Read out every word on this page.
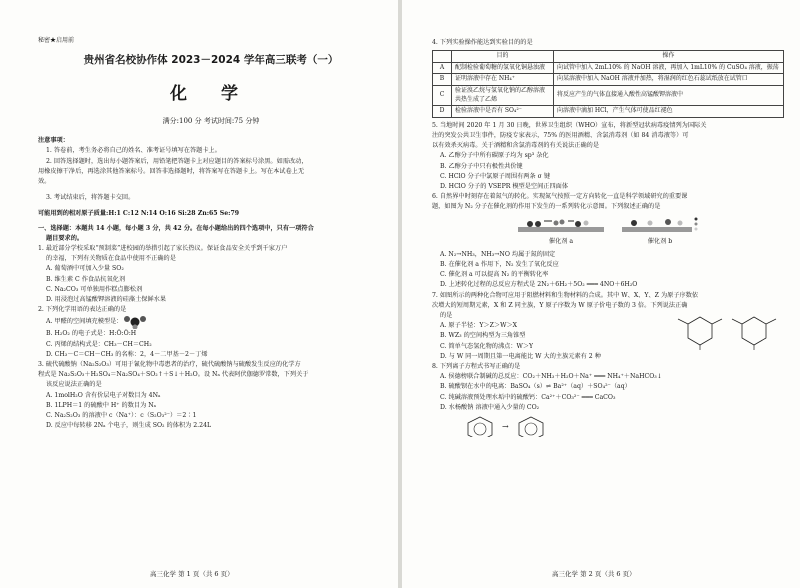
秘密★启用前
贵州省名校协作体 2023－2024 学年高三联考（一）
化 学
满分:100 分 考试时间:75 分钟
注意事项：
1. 答卷前，考生务必将自己的姓名、准考证号填写在答题卡上。
2. 回答选择题时，选出每小题答案后，用铅笔把答题卡上对应题目的答案标号涂黑。如需改动，
用橡皮擦干净后，再选涂其他答案标号。回答非选择题时，将答案写在答题卡上。写在本试卷上无
效。
3. 考试结束后，将答题卡交回。
可能用到的相对原子质量:H:1 C:12 N:14 O:16 Si:28 Zn:65 Se:79
一、选择题：本题共 14 小题，每小题 3 分，共 42 分。在每小题给出的四个选项中，只有一项符合
题目要求的。
1. 最近部分学校采取“预制菜”进校园的举措引起了家长热议。保证食品安全关乎到千家万户
的幸福，下列有关物质在食品中使用不正确的是
A. 葡萄酒中可加入少量 SO₂
B. 维生素 C 作食品抗氧化剂
C. Na₂CO₃ 可单独用作糕点膨松剂
D. 用浸泡过高锰酸钾溶液的硅藻土保鲜水果
2. 下列化学用语的表达正确的是
A. 甲醛的空间填充模型是：
B. H₂O₂ 的电子式是：H:Ö:Ö:H
C. 丙烯的结构式是：CH₃－CH＝CH₂
D. CH₃－C＝CH－CH₃ 的名称：2，4－二甲基－2－丁烯
3. 硫代硫酸钠（Na₂S₂O₃）可用于氰化物中毒患者的治疗，硫代硫酸钠与硫酸发生反应的化学方
程式是 Na₂S₂O₃＋H₂SO₄＝Na₂SO₄＋SO₂↑＋S↓＋H₂O。设 Nₐ 代表阿伏伽德罗常数，下列关于
该反应说法正确的是
A. 1molH₂O 含有价层电子对数目为 4Nₐ
B. 1LPH＝1 的硫酸中 H⁺ 的数目为 Nₐ
C. Na₂S₂O₃ 的溶液中 c（Na⁺）：c（S₂O₃²⁻）＝2∶1
D. 反应中每转移 2Nₐ 个电子，则生成 SO₂ 的体积为 2.24L
高三化学 第 1 页（共 6 页）
4. 下列实验操作能达到实验目的的是
	目的	操作
A	配制检验葡萄糖的氢氧化铜悬浊液	向试管中加入 2mL10% 的 NaOH 溶液，再加入 1mL10% 的 CuSO₄ 溶液，振荡
B	证明溶液中存在 NH₄⁺	向某溶液中加入 NaOH 溶液并加热，将湿润的红色石蕊试纸放在试管口
C	验证溴乙烷与氢氧化钠的乙醇溶液共热生成了乙烯	将反应产生的气体直接通入酸性高锰酸钾溶液中
D	检验溶液中是否有 SO₄²⁻	向溶液中滴加 HCl，产生气体可使品红褪色
5. 当地时间 2020 年 1 月 30 日晚，世界卫生组织（WHO）宣布，将新型冠状病毒疫情列为国际关
注的突发公共卫生事件，防疫专家表示，75% 的医用酒精、含氯消毒剂（如 84 消毒液等）可
以有效杀灭病毒。关于酒精和含氯消毒剂的有关说法正确的是
A. 乙醇分子中所有碳原子均为 sp³ 杂化
B. 乙醇分子中只有极性共价键
C. HClO 分子中氯原子周围有两条 σ 键
D. HClO 分子的 VSEPR 模型是空间正四面体
6. 自然界中时刻存在着氮气的转化。实现氮气按照一定方向转化一直是科学领域研究的重要课
题，如图为 N₂ 分子在催化剂的作用下发生的一系列转化示意图。下列叙述正确的是
催化剂 a	催化剂 b
A. N₂→NH₃，NH₃→NO 均属于氮的固定
B. 在催化剂 a 作用下，N₂ 发生了氧化反应
C. 催化剂 a 可以提高 N₂ 的平衡转化率
D. 上述转化过程的总反应方程式是 2N₂＋6H₂＋5O₂ ═══ 4NO＋6H₂O
7. 如图所示的两种化合物可应用于阻燃材料和生物材料的合成。其中 W、X、Y、Z 为原子序数依
次增大的短周期元素，X 和 Z 同主族，Y 原子序数为 W 原子价电子数的 3 倍。下列说法正确
的是
A. 原子半径：Y＞Z＞W＞X
B. WZ₃ 的空间构型为三角锥型
C. 简单气态氢化物的沸点：W＞Y
D. 与 W 同一周期且第一电离能比 W 大的主族元素有 2 种
8. 下列离子方程式书写正确的是
A. 侯德榜联合制碱的总反应：CO₂＋NH₃＋H₂O＋Na⁺ ═══ NH₄⁺＋NaHCO₃↓
B. 硫酸钡在水中的电离：BaSO₄（s）⇌ Ba²⁺（aq）＋SO₄²⁻（aq）
C. 纯碱溶液预处理水垢中的硫酸钙：Ca²⁺＋CO₃²⁻ ═══ CaCO₃
D. 水杨酸钠 溶液中通入少量的 CO₂
→
高三化学 第 2 页（共 6 页）
